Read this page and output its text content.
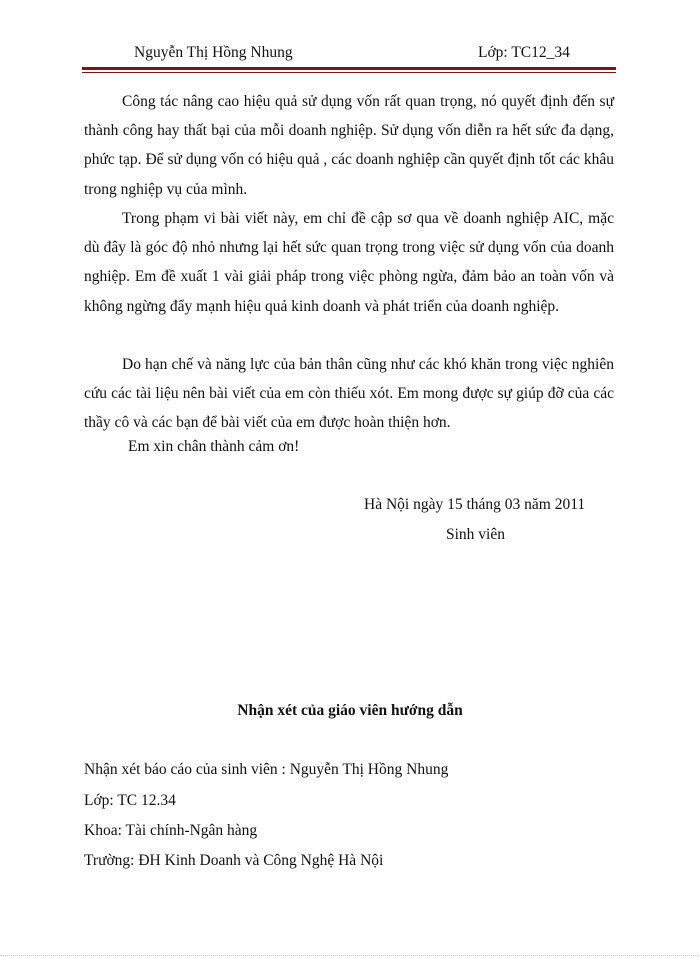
Nguyễn Thị Hồng Nhung	Lớp: TC12_34

Công tác nâng cao hiệu quả sử dụng vốn rất quan trọng, nó quyết định đến sự thành công hay thất bại của mỗi doanh nghiệp. Sử dụng vốn diễn ra hết sức đa dạng, phức tạp. Để sử dụng vốn có hiệu quả , các doanh nghiệp cần quyết định tốt các khâu trong nghiệp vụ của mình.

Trong phạm vi bài viết này, em chỉ đề cập sơ qua về doanh nghiệp AIC, mặc dù đây là góc độ nhỏ nhưng lại hết sức quan trọng trong việc sử dụng vốn của doanh nghiệp. Em đề xuất 1 vài giải pháp trong việc phòng ngừa, đảm bảo an toàn vốn và không ngừng đẩy mạnh hiệu quả kinh doanh và phát triển của doanh nghiệp.

Do hạn chế và năng lực của bản thân cũng như các khó khăn trong việc nghiên cứu các tài liệu nên bài viết của em còn thiếu xót. Em mong được sự giúp đỡ của các thầy cô và các bạn để bài viết của em được hoàn thiện hơn.

Em xin chân thành cảm ơn!
Hà Nội ngày 15 tháng 03 năm 2011
Sinh viên
Nhận xét của giáo viên hướng dẫn
Nhận xét báo cáo của sinh viên : Nguyễn Thị Hồng Nhung
Lớp: TC 12.34
Khoa: Tài chính-Ngân hàng
Trường: ĐH Kinh Doanh và Công Nghệ Hà Nội
